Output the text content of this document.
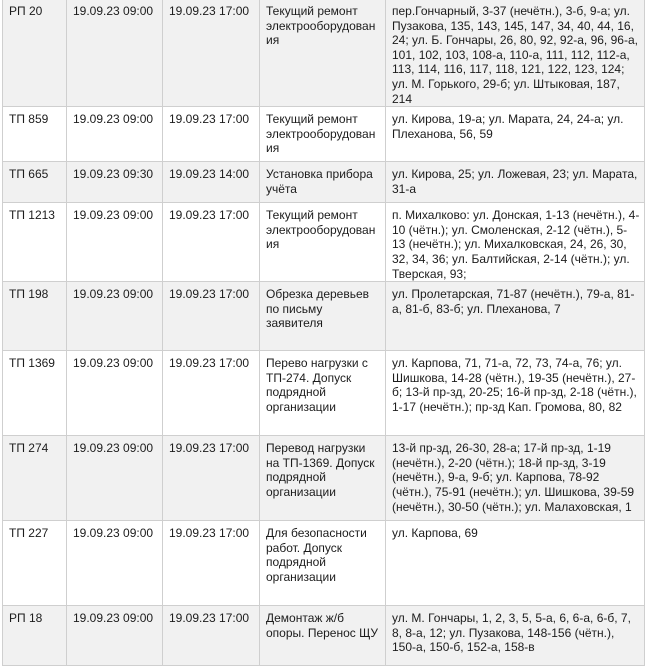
РП 20	19.09.23 09:00	19.09.23 17:00	Текущий ремонт электрооборудования	пер.Гончарный, 3-37 (нечётн.), 3-б, 9-а; ул. Пузакова, 135, 143, 145, 147, 34, 40, 44, 16, 24; ул. Б. Гончары, 26, 80, 92, 92-а, 96, 96-а, 101, 102, 103, 108-а, 110-а, 111, 112, 112-а, 113, 114, 116, 117, 118, 121, 122, 123, 124; ул. М. Горького, 29-б; ул. Штыковая, 187, 214
ТП 859	19.09.23 09:00	19.09.23 17:00	Текущий ремонт электрооборудования	ул. Кирова, 19-а; ул. Марата, 24, 24-а; ул. Плеханова, 56, 59
ТП 665	19.09.23 09:30	19.09.23 14:00	Установка прибора учёта	ул. Кирова, 25; ул. Ложевая, 23; ул. Марата, 31-а
ТП 1213	19.09.23 09:00	19.09.23 17:00	Текущий ремонт электрооборудования	п. Михалково: ул. Донская, 1-13 (нечётн.), 4-10 (чётн.); ул. Смоленская, 2-12 (чётн.), 5-13 (нечётн.); ул. Михалковская, 24, 26, 30, 32, 34, 36; ул. Балтийская, 2-14 (чётн.); ул. Тверская, 93;
ТП 198	19.09.23 09:00	19.09.23 17:00	Обрезка деревьев по письму заявителя	ул. Пролетарская, 71-87 (нечётн.), 79-а, 81-а, 81-б, 83-б; ул. Плеханова, 7
ТП 1369	19.09.23 09:00	19.09.23 17:00	Перево нагрузки с ТП-274. Допуск подрядной организации	ул. Карпова, 71, 71-а, 72, 73, 74-а, 76; ул. Шишкова, 14-28 (чётн.), 19-35 (нечётн.), 27-б; 13-й пр-зд, 20-25; 16-й пр-зд, 2-18 (чётн.), 1-17 (нечётн.); пр-зд Кап. Громова, 80, 82
ТП 274	19.09.23 09:00	19.09.23 17:00	Перевод нагрузки на ТП-1369. Допуск подрядной организации	13-й пр-зд, 26-30, 28-а; 17-й пр-зд, 1-19 (нечётн.), 2-20 (чётн.); 18-й пр-зд, 3-19 (нечётн.), 9-а, 9-б; ул. Карпова, 78-92 (чётн.), 75-91 (нечётн.); ул. Шишкова, 39-59 (нечётн.), 30-50 (чётн.); ул. Малаховская, 1
ТП 227	19.09.23 09:00	19.09.23 17:00	Для безопасности работ. Допуск подрядной организации	ул. Карпова, 69
РП 18	19.09.23 09:00	19.09.23 17:00	Демонтаж ж/б опоры. Перенос ЩУ	ул. М. Гончары, 1, 2, 3, 5, 5-а, 6, 6-а, 6-б, 7, 8, 8-а, 12; ул. Пузакова, 148-156 (чётн.), 150-а, 150-б, 152-а, 158-в
